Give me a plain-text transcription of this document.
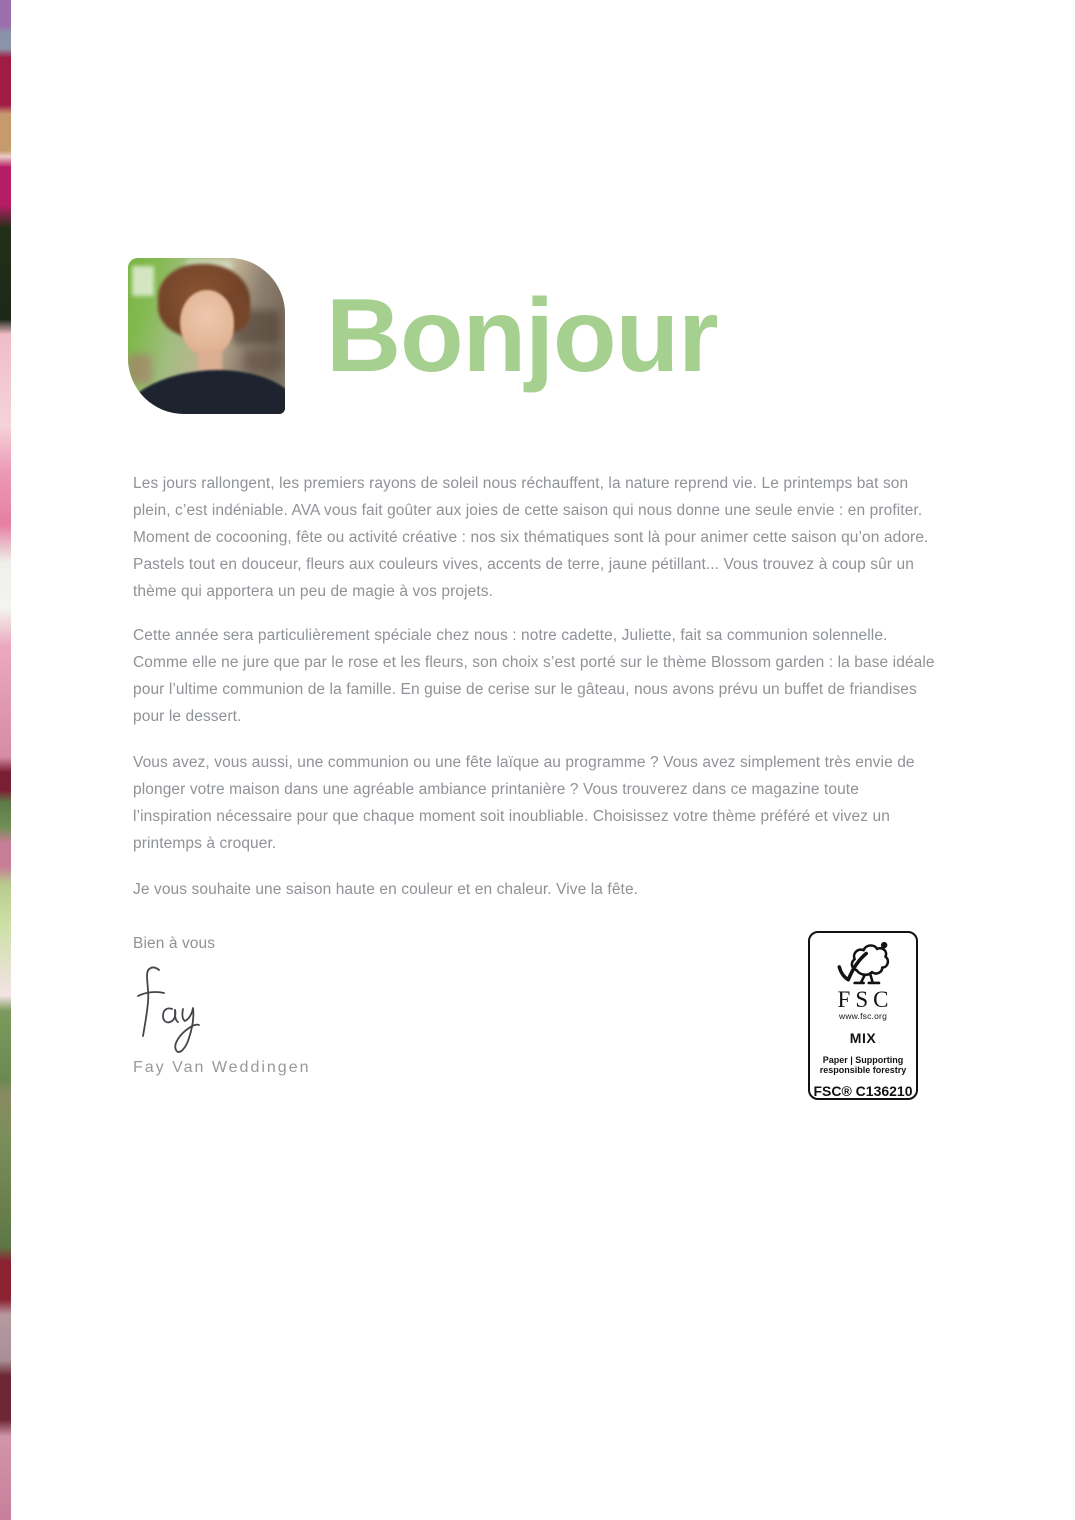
Bonjour

Les jours rallongent, les premiers rayons de soleil nous réchauffent, la nature reprend vie. Le printemps bat son plein, c’est indéniable. AVA vous fait goûter aux joies de cette saison qui nous donne une seule envie : en profiter. Moment de cocooning, fête ou activité créative : nos six thématiques sont là pour animer cette saison qu’on adore. Pastels tout en douceur, fleurs aux couleurs vives, accents de terre, jaune pétillant... Vous trouvez à coup sûr un thème qui apportera un peu de magie à vos projets.

Cette année sera particulièrement spéciale chez nous : notre cadette, Juliette, fait sa communion solennelle. Comme elle ne jure que par le rose et les fleurs, son choix s’est porté sur le thème Blossom garden : la base idéale pour l’ultime communion de la famille. En guise de cerise sur le gâteau, nous avons prévu un buffet de friandises pour le dessert.

Vous avez, vous aussi, une communion ou une fête laïque au programme ? Vous avez simplement très envie de plonger votre maison dans une agréable ambiance printanière ? Vous trouverez dans ce magazine toute l’inspiration nécessaire pour que chaque moment soit inoubliable. Choisissez votre thème préféré et vivez un printemps à croquer.

Je vous souhaite une saison haute en couleur et en chaleur. Vive la fête.

Bien à vous

Fay Van Weddingen

FSC
www.fsc.org
MIX
Paper | Supporting
responsible forestry
FSC® C136210
